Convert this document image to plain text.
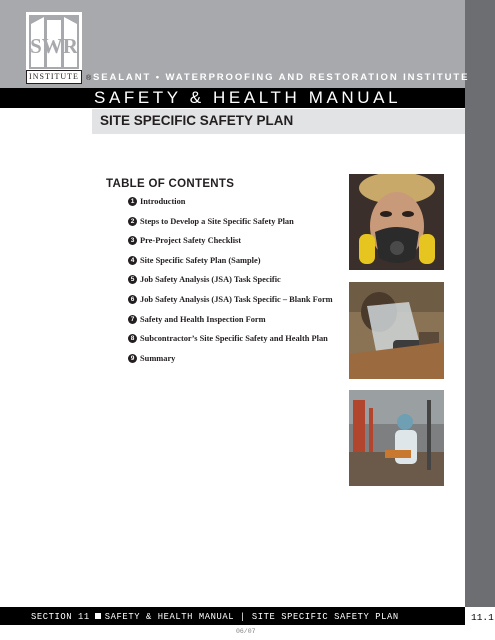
SWR
INSTITUTE	® SEALANT • WATERPROOFING AND RESTORATION INSTITUTE
SAFETY & HEALTH MANUAL
SITE SPECIFIC SAFETY PLAN
TABLE OF CONTENTS
1 Introduction
2 Steps to Develop a Site Specific Safety Plan
3 Pre-Project Safety Checklist
4 Site Specific Safety Plan (Sample)
5 Job Safety Analysis (JSA) Task Specific
6 Job Safety Analysis (JSA) Task Specific – Blank Form
7 Safety and Health Inspection Form
8 Subcontractor’s Site Specific Safety and Health Plan
9 Summary
SECTION 11 SAFETY & HEALTH MANUAL | SITE SPECIFIC SAFETY PLAN	11.1
06/07
